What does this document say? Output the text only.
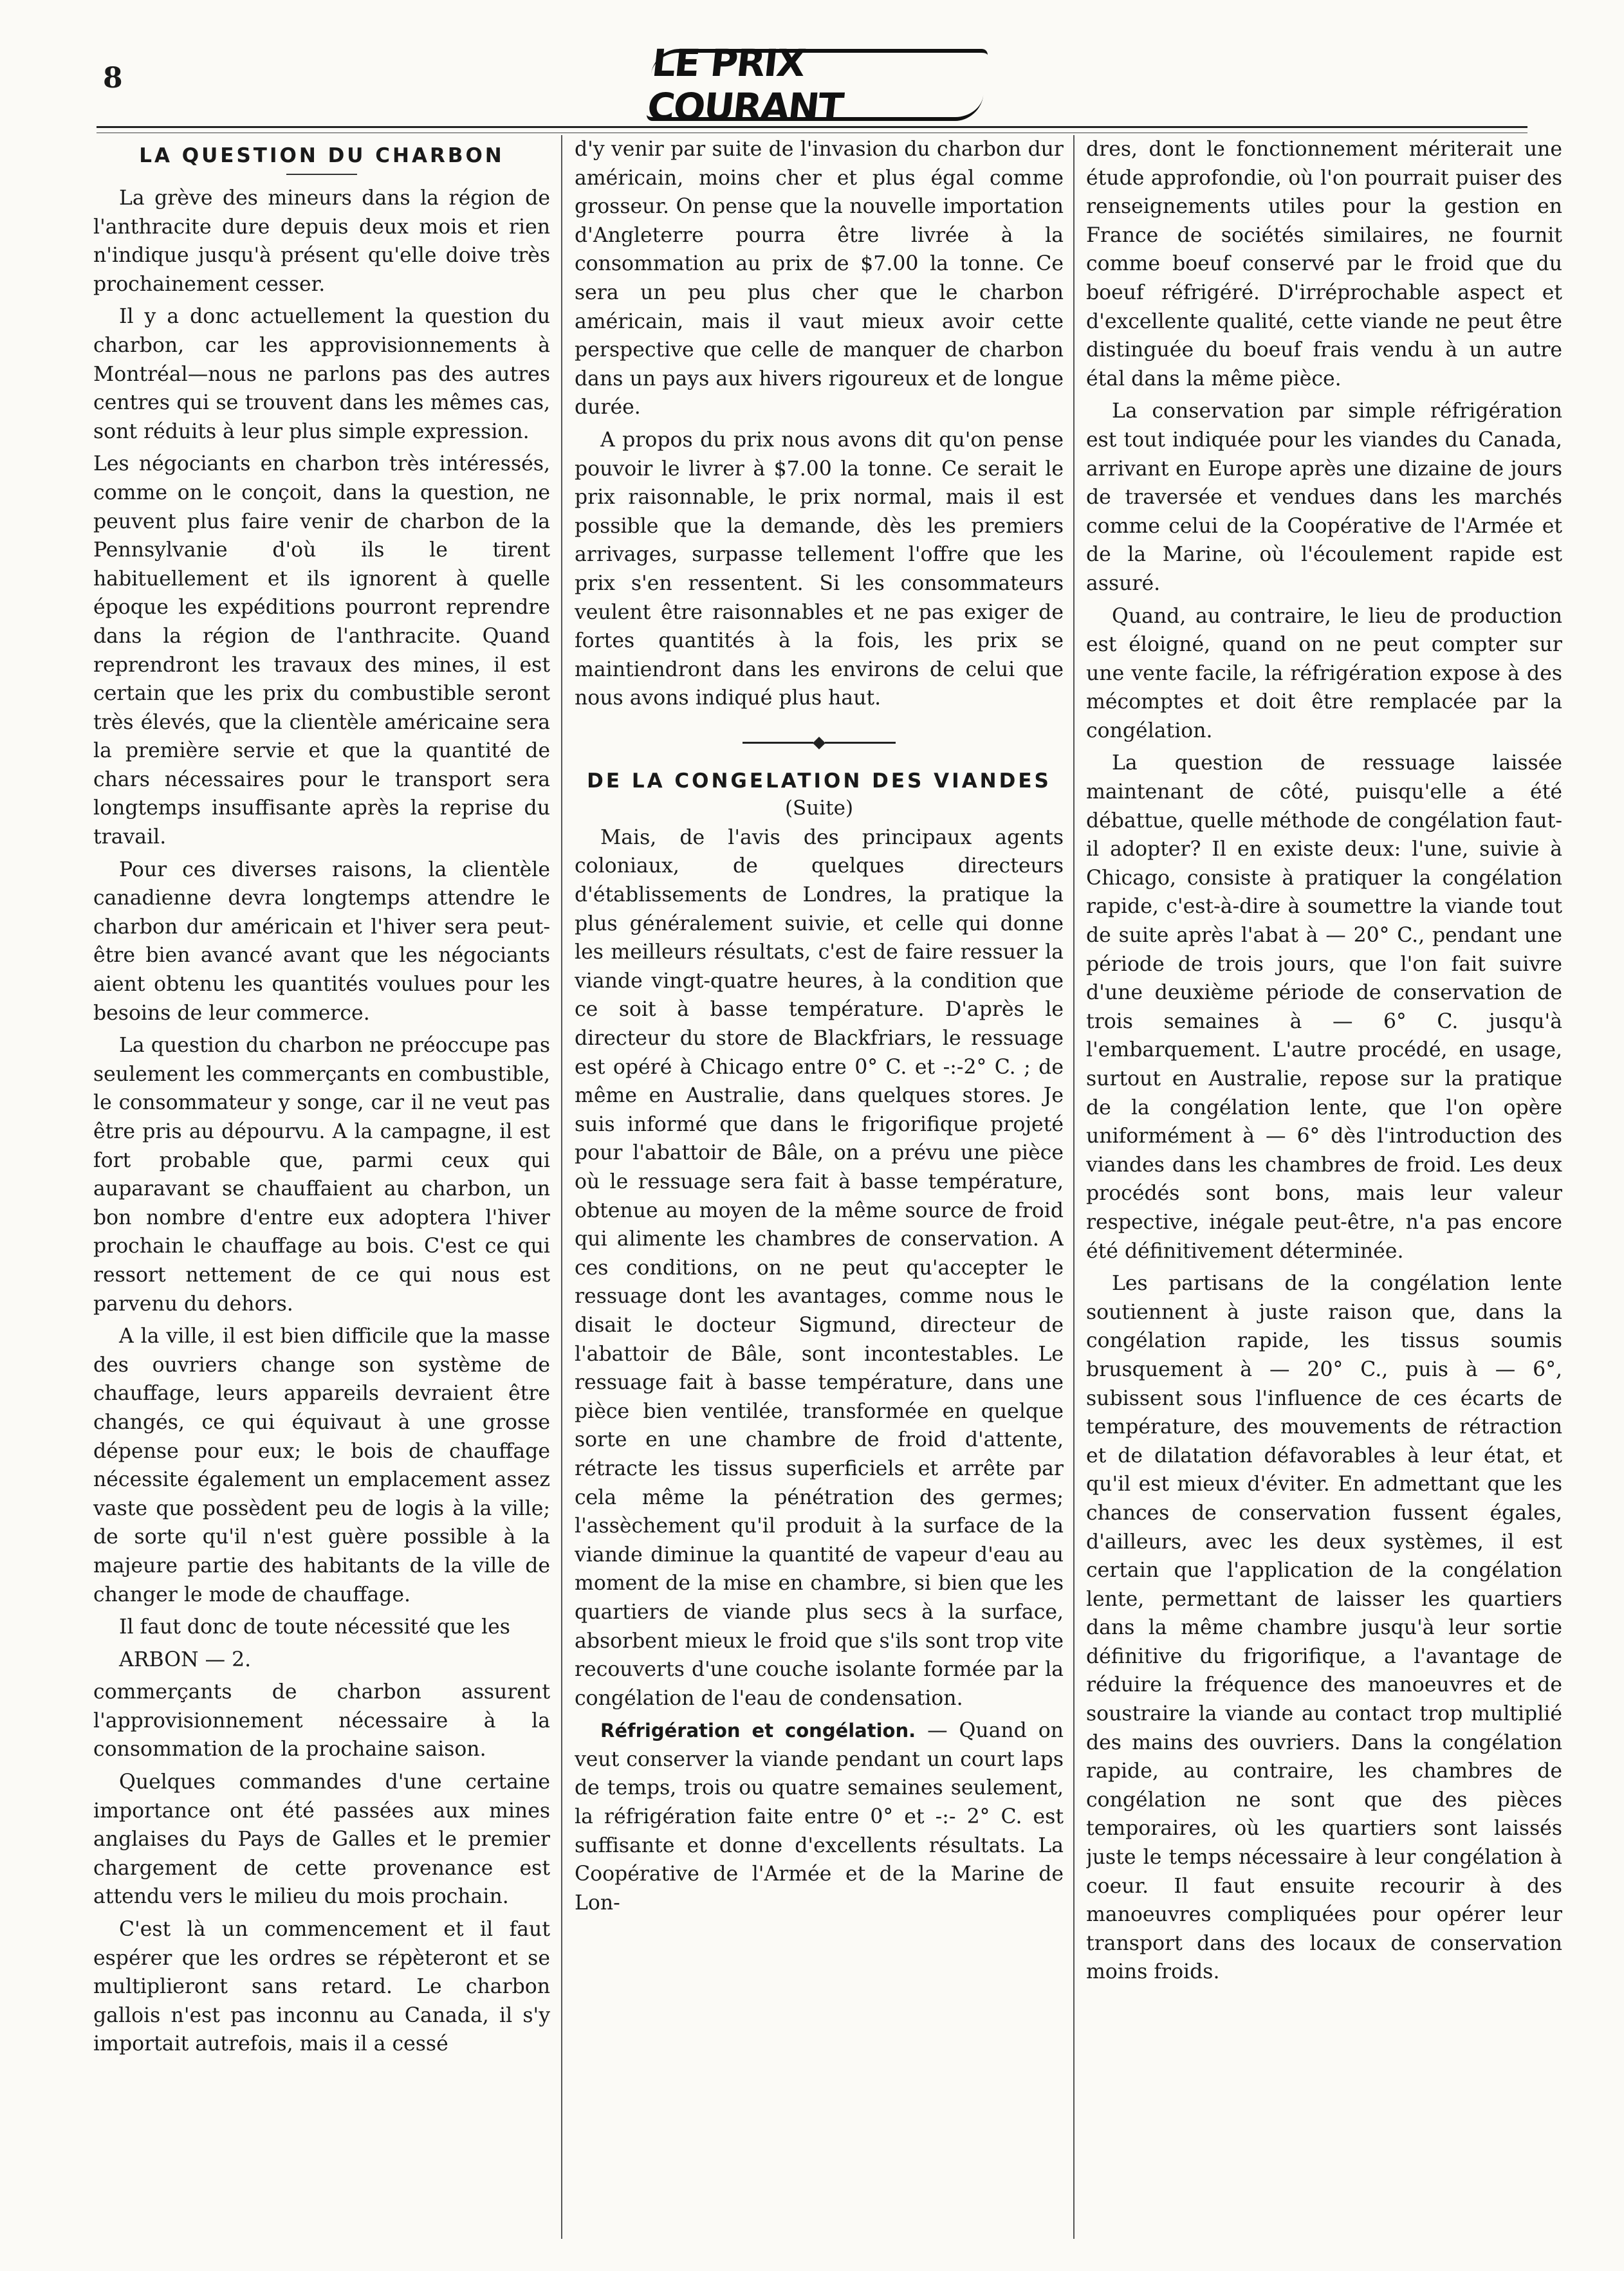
8	LE PRIX COURANT
LA QUESTION DU CHARBON

La grève des mineurs dans la région de l'anthracite dure depuis deux mois et rien n'indique jusqu'à présent qu'elle doive très prochainement cesser.

Il y a donc actuellement la question du charbon, car les approvisionnements à Montréal—nous ne parlons pas des autres centres qui se trouvent dans les mêmes cas, sont réduits à leur plus simple expression.

Les négociants en charbon très intéressés, comme on le conçoit, dans la question, ne peuvent plus faire venir de charbon de la Pennsylvanie d'où ils le tirent habituellement et ils ignorent à quelle époque les expéditions pourront reprendre dans la région de l'anthracite. Quand reprendront les travaux des mines, il est certain que les prix du combustible seront très élevés, que la clientèle américaine sera la première servie et que la quantité de chars nécessaires pour le transport sera longtemps insuffisante après la reprise du travail.

Pour ces diverses raisons, la clientèle canadienne devra longtemps attendre le charbon dur américain et l'hiver sera peut-être bien avancé avant que les négociants aient obtenu les quantités voulues pour les besoins de leur commerce.

La question du charbon ne préoccupe pas seulement les commerçants en combustible, le consommateur y songe, car il ne veut pas être pris au dépourvu. A la campagne, il est fort probable que, parmi ceux qui auparavant se chauffaient au charbon, un bon nombre d'entre eux adoptera l'hiver prochain le chauffage au bois. C'est ce qui ressort nettement de ce qui nous est parvenu du dehors.

A la ville, il est bien difficile que la masse des ouvriers change son système de chauffage, leurs appareils devraient être changés, ce qui équivaut à une grosse dépense pour eux; le bois de chauffage nécessite également un emplacement assez vaste que possèdent peu de logis à la ville; de sorte qu'il n'est guère possible à la majeure partie des habitants de la ville de changer le mode de chauffage.

Il faut donc de toute nécessité que les

ARBON — 2.

commerçants de charbon assurent l'approvisionnement nécessaire à la consommation de la prochaine saison.

Quelques commandes d'une certaine importance ont été passées aux mines anglaises du Pays de Galles et le premier chargement de cette provenance est attendu vers le milieu du mois prochain.

C'est là un commencement et il faut espérer que les ordres se répèteront et se multiplieront sans retard. Le charbon gallois n'est pas inconnu au Canada, il s'y importait autrefois, mais il a cessé

d'y venir par suite de l'invasion du charbon dur américain, moins cher et plus égal comme grosseur. On pense que la nouvelle importation d'Angleterre pourra être livrée à la consommation au prix de $7.00 la tonne. Ce sera un peu plus cher que le charbon américain, mais il vaut mieux avoir cette perspective que celle de manquer de charbon dans un pays aux hivers rigoureux et de longue durée.

A propos du prix nous avons dit qu'on pense pouvoir le livrer à $7.00 la tonne. Ce serait le prix raisonnable, le prix normal, mais il est possible que la demande, dès les premiers arrivages, surpasse tellement l'offre que les prix s'en ressentent. Si les consommateurs veulent être raisonnables et ne pas exiger de fortes quantités à la fois, les prix se maintiendront dans les environs de celui que nous avons indiqué plus haut.

DE LA CONGELATION DES VIANDES
(Suite)

Mais, de l'avis des principaux agents coloniaux, de quelques directeurs d'établissements de Londres, la pratique la plus généralement suivie, et celle qui donne les meilleurs résultats, c'est de faire ressuer la viande vingt-quatre heures, à la condition que ce soit à basse température. D'après le directeur du store de Blackfriars, le ressuage est opéré à Chicago entre 0° C. et -:-2° C. ; de même en Australie, dans quelques stores. Je suis informé que dans le frigorifique projeté pour l'abattoir de Bâle, on a prévu une pièce où le ressuage sera fait à basse température, obtenue au moyen de la même source de froid qui alimente les chambres de conservation. A ces conditions, on ne peut qu'accepter le ressuage dont les avantages, comme nous le disait le docteur Sigmund, directeur de l'abattoir de Bâle, sont incontestables. Le ressuage fait à basse température, dans une pièce bien ventilée, transformée en quelque sorte en une chambre de froid d'attente, rétracte les tissus superficiels et arrête par cela même la pénétration des germes; l'assèchement qu'il produit à la surface de la viande diminue la quantité de vapeur d'eau au moment de la mise en chambre, si bien que les quartiers de viande plus secs à la surface, absorbent mieux le froid que s'ils sont trop vite recouverts d'une couche isolante formée par la congélation de l'eau de condensation.

Réfrigération et congélation. — Quand on veut conserver la viande pendant un court laps de temps, trois ou quatre semaines seulement, la réfrigération faite entre 0° et -:- 2° C. est suffisante et donne d'excellents résultats. La Coopérative de l'Armée et de la Marine de Lon-

dres, dont le fonctionnement mériterait une étude approfondie, où l'on pourrait puiser des renseignements utiles pour la gestion en France de sociétés similaires, ne fournit comme boeuf conservé par le froid que du boeuf réfrigéré. D'irréprochable aspect et d'excellente qualité, cette viande ne peut être distinguée du boeuf frais vendu à un autre étal dans la même pièce.

La conservation par simple réfrigération est tout indiquée pour les viandes du Canada, arrivant en Europe après une dizaine de jours de traversée et vendues dans les marchés comme celui de la Coopérative de l'Armée et de la Marine, où l'écoulement rapide est assuré.

Quand, au contraire, le lieu de production est éloigné, quand on ne peut compter sur une vente facile, la réfrigération expose à des mécomptes et doit être remplacée par la congélation.

La question de ressuage laissée maintenant de côté, puisqu'elle a été débattue, quelle méthode de congélation faut-il adopter? Il en existe deux: l'une, suivie à Chicago, consiste à pratiquer la congélation rapide, c'est-à-dire à soumettre la viande tout de suite après l'abat à — 20° C., pendant une période de trois jours, que l'on fait suivre d'une deuxième période de conservation de trois semaines à — 6° C. jusqu'à l'embarquement. L'autre procédé, en usage, surtout en Australie, repose sur la pratique de la congélation lente, que l'on opère uniformément à — 6° dès l'introduction des viandes dans les chambres de froid. Les deux procédés sont bons, mais leur valeur respective, inégale peut-être, n'a pas encore été définitivement déterminée.

Les partisans de la congélation lente soutiennent à juste raison que, dans la congélation rapide, les tissus soumis brusquement à — 20° C., puis à — 6°, subissent sous l'influence de ces écarts de température, des mouvements de rétraction et de dilatation défavorables à leur état, et qu'il est mieux d'éviter. En admettant que les chances de conservation fussent égales, d'ailleurs, avec les deux systèmes, il est certain que l'application de la congélation lente, permettant de laisser les quartiers dans la même chambre jusqu'à leur sortie définitive du frigorifique, a l'avantage de réduire la fréquence des manoeuvres et de soustraire la viande au contact trop multiplié des mains des ouvriers. Dans la congélation rapide, au contraire, les chambres de congélation ne sont que des pièces temporaires, où les quartiers sont laissés juste le temps nécessaire à leur congélation à coeur. Il faut ensuite recourir à des manoeuvres compliquées pour opérer leur transport dans des locaux de conservation moins froids.
